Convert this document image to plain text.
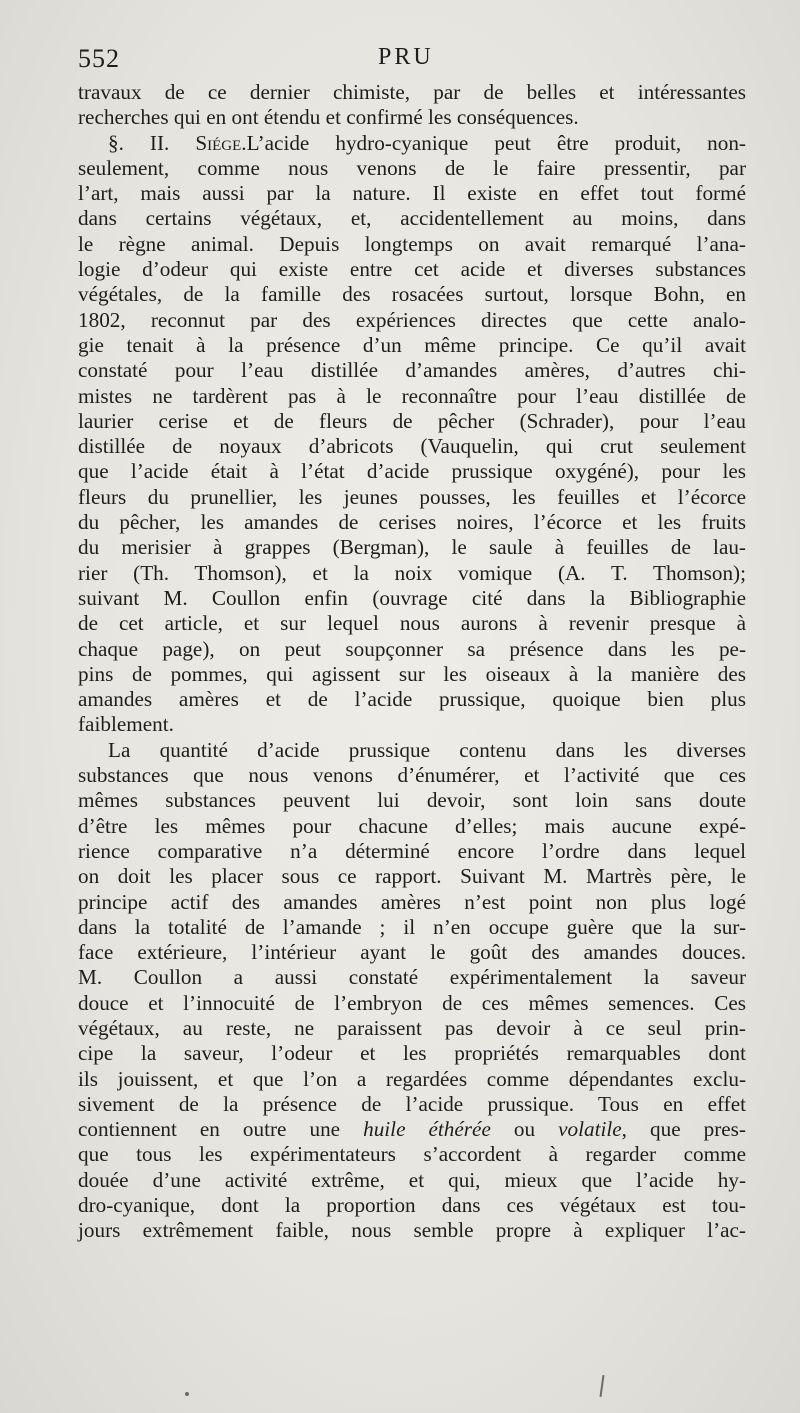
552	PRU

travaux de ce dernier chimiste, par de belles et intéressantes

recherches qui en ont étendu et confirmé les conséquences.

§. II. Siége.L’acide hydro-cyanique peut être produit, non-

seulement, comme nous venons de le faire pressentir, par

l’art, mais aussi par la nature. Il existe en effet tout formé

dans certains végétaux, et, accidentellement au moins, dans

le règne animal. Depuis longtemps on avait remarqué l’ana-

logie d’odeur qui existe entre cet acide et diverses substances

végétales, de la famille des rosacées surtout, lorsque Bohn, en

1802, reconnut par des expériences directes que cette analo-

gie tenait à la présence d’un même principe. Ce qu’il avait

constaté pour l’eau distillée d’amandes amères, d’autres chi-

mistes ne tardèrent pas à le reconnaître pour l’eau distillée de

laurier cerise et de fleurs de pêcher (Schrader), pour l’eau

distillée de noyaux d’abricots (Vauquelin, qui crut seulement

que l’acide était à l’état d’acide prussique oxygéné), pour les

fleurs du prunellier, les jeunes pousses, les feuilles et l’écorce

du pêcher, les amandes de cerises noires, l’écorce et les fruits

du merisier à grappes (Bergman), le saule à feuilles de lau-

rier (Th. Thomson), et la noix vomique (A. T. Thomson);

suivant M. Coullon enfin (ouvrage cité dans la Bibliographie

de cet article, et sur lequel nous aurons à revenir presque à

chaque page), on peut soupçonner sa présence dans les pe-

pins de pommes, qui agissent sur les oiseaux à la manière des

amandes amères et de l’acide prussique, quoique bien plus

faiblement.

La quantité d’acide prussique contenu dans les diverses

substances que nous venons d’énumérer, et l’activité que ces

mêmes substances peuvent lui devoir, sont loin sans doute

d’être les mêmes pour chacune d’elles; mais aucune expé-

rience comparative n’a déterminé encore l’ordre dans lequel

on doit les placer sous ce rapport. Suivant M. Martrès père, le

principe actif des amandes amères n’est point non plus logé

dans la totalité de l’amande ; il n’en occupe guère que la sur-

face extérieure, l’intérieur ayant le goût des amandes douces.

M. Coullon a aussi constaté expérimentalement la saveur

douce et l’innocuité de l’embryon de ces mêmes semences. Ces

végétaux, au reste, ne paraissent pas devoir à ce seul prin-

cipe la saveur, l’odeur et les propriétés remarquables dont

ils jouissent, et que l’on a regardées comme dépendantes exclu-

sivement de la présence de l’acide prussique. Tous en effet

contiennent en outre une huile éthérée ou volatile, que pres-

que tous les expérimentateurs s’accordent à regarder comme

douée d’une activité extrême, et qui, mieux que l’acide hy-

dro-cyanique, dont la proportion dans ces végétaux est tou-

jours extrêmement faible, nous semble propre à expliquer l’ac-
